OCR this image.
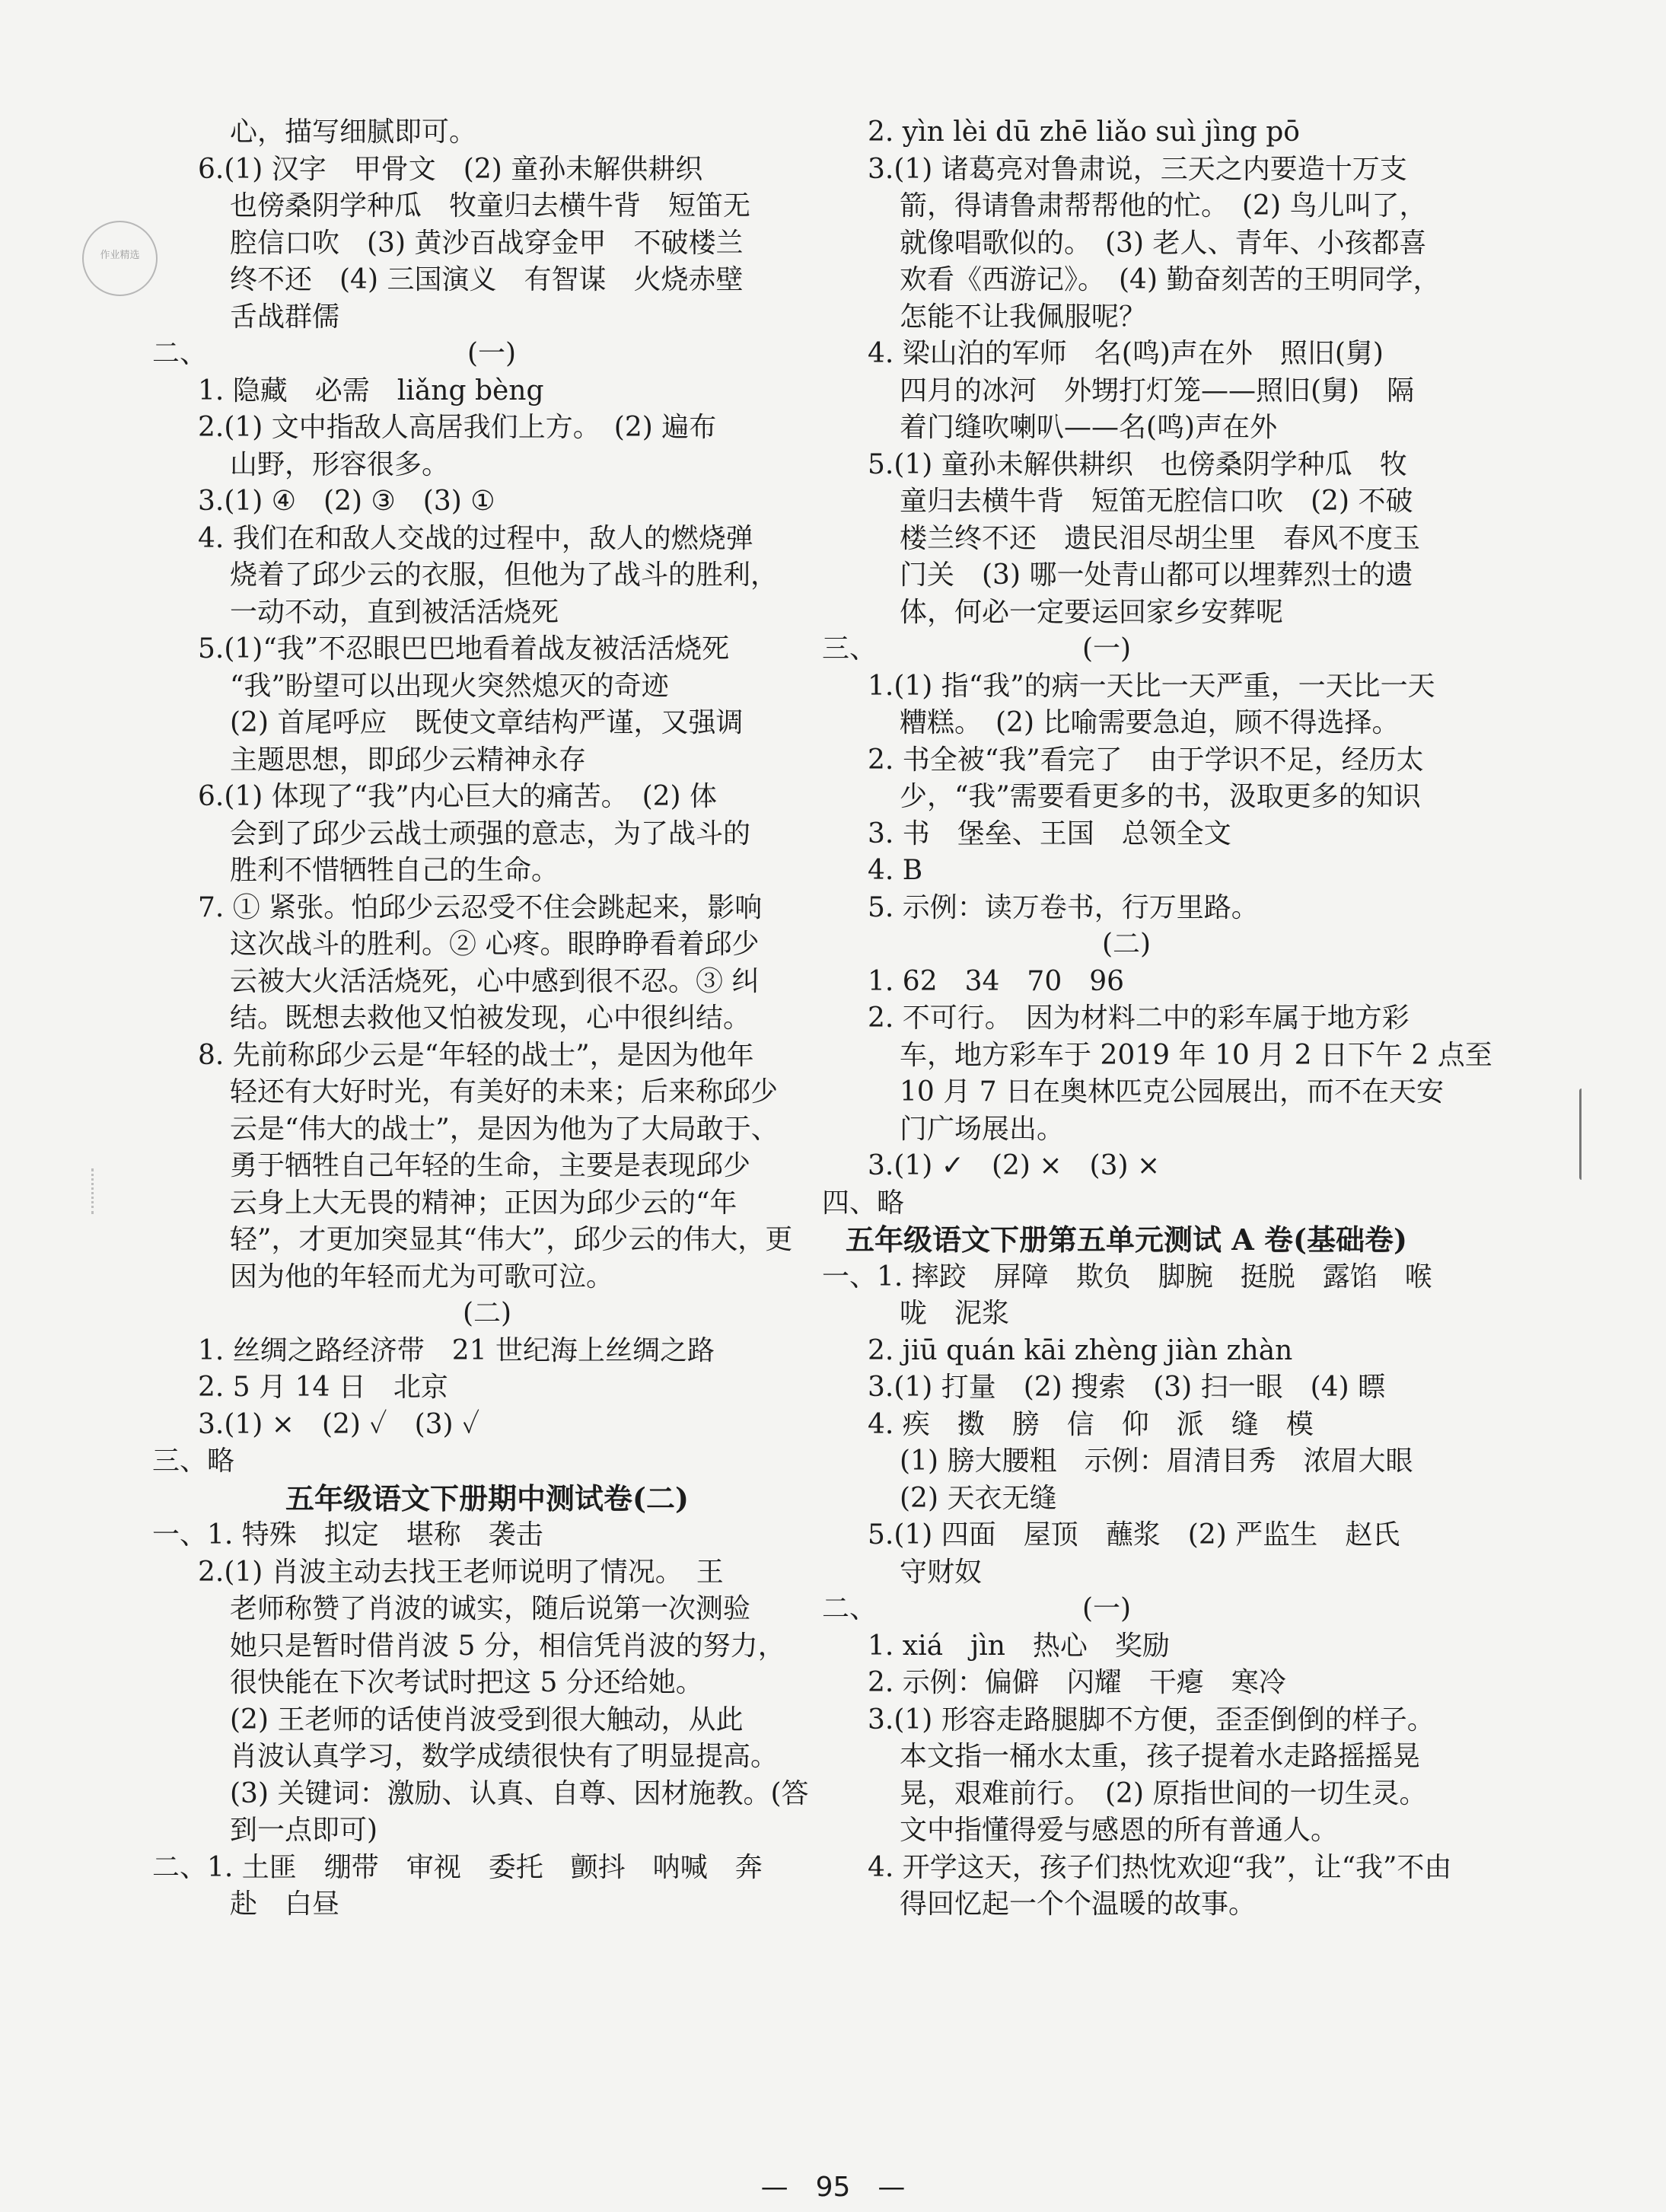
作业精选
心，描写细腻即可。
6.(1) 汉字　甲骨文　(2) 童孙未解供耕织
也傍桑阴学种瓜　牧童归去横牛背　短笛无
腔信口吹　(3) 黄沙百战穿金甲　不破楼兰
终不还　(4) 三国演义　有智谋　火烧赤壁
舌战群儒
二、　　　　　　　　　　(一)
1. 隐藏　必需　liǎng bèng
2.(1) 文中指敌人高居我们上方。　(2) 遍布
山野，形容很多。
3.(1) ④　(2) ③　(3) ①
4. 我们在和敌人交战的过程中，敌人的燃烧弹
烧着了邱少云的衣服，但他为了战斗的胜利，
一动不动，直到被活活烧死
5.(1)“我”不忍眼巴巴地看着战友被活活烧死
“我”盼望可以出现火突然熄灭的奇迹
(2) 首尾呼应　既使文章结构严谨，又强调
主题思想，即邱少云精神永存
6.(1) 体现了“我”内心巨大的痛苦。　(2) 体
会到了邱少云战士顽强的意志，为了战斗的
胜利不惜牺牲自己的生命。
7. ① 紧张。怕邱少云忍受不住会跳起来，影响
这次战斗的胜利。② 心疼。眼睁睁看着邱少
云被大火活活烧死，心中感到很不忍。③ 纠
结。既想去救他又怕被发现，心中很纠结。
8. 先前称邱少云是“年轻的战士”，是因为他年
轻还有大好时光，有美好的未来；后来称邱少
云是“伟大的战士”，是因为他为了大局敢于、
勇于牺牲自己年轻的生命，主要是表现邱少
云身上大无畏的精神；正因为邱少云的“年
轻”，才更加突显其“伟大”，邱少云的伟大，更
因为他的年轻而尤为可歌可泣。
(二)
1. 丝绸之路经济带　21 世纪海上丝绸之路
2. 5 月 14 日　北京
3.(1) ×　(2) ✓　(3) ✓
三、略
五年级语文下册期中测试卷(二)
一、1. 特殊　拟定　堪称　袭击
2.(1) 肖波主动去找王老师说明了情况。　王
老师称赞了肖波的诚实，随后说第一次测验
她只是暂时借肖波 5 分，相信凭肖波的努力，
很快能在下次考试时把这 5 分还给她。
(2) 王老师的话使肖波受到很大触动，从此
肖波认真学习，数学成绩很快有了明显提高。
(3) 关键词：激励、认真、自尊、因材施教。(答
到一点即可)
二、1. 土匪　绷带　审视　委托　颤抖　呐喊　奔
赴　白昼
2. yìn lèi dū zhē liǎo suì jìng pō
3.(1) 诸葛亮对鲁肃说，三天之内要造十万支
箭，得请鲁肃帮帮他的忙。　(2) 鸟儿叫了，
就像唱歌似的。　(3) 老人、青年、小孩都喜
欢看《西游记》。　(4) 勤奋刻苦的王明同学，
怎能不让我佩服呢？
4. 梁山泊的军师　名(鸣)声在外　照旧(舅)
四月的冰河　外甥打灯笼——照旧(舅)　隔
着门缝吹喇叭——名(鸣)声在外
5.(1) 童孙未解供耕织　也傍桑阴学种瓜　牧
童归去横牛背　短笛无腔信口吹　(2) 不破
楼兰终不还　遗民泪尽胡尘里　春风不度玉
门关　(3) 哪一处青山都可以埋葬烈士的遗
体，何必一定要运回家乡安葬呢
三、　　　　　　　　(一)
1.(1) 指“我”的病一天比一天严重，一天比一天
糟糕。　(2) 比喻需要急迫，顾不得选择。
2. 书全被“我”看完了　由于学识不足，经历太
少，“我”需要看更多的书，汲取更多的知识
3. 书　堡垒、王国　总领全文
4. B
5. 示例：读万卷书，行万里路。
(二)
1. 62　34　70　96
2. 不可行。　因为材料二中的彩车属于地方彩
车，地方彩车于 2019 年 10 月 2 日下午 2 点至
10 月 7 日在奥林匹克公园展出，而不在天安
门广场展出。
3.(1) ✓　(2) ×　(3) ×
四、略
五年级语文下册第五单元测试 A 卷(基础卷)
一、1. 摔跤　屏障　欺负　脚腕　挺脱　露馅　喉
咙　泥浆
2. jiū quán kāi zhèng jiàn zhàn
3.(1) 打量　(2) 搜索　(3) 扫一眼　(4) 瞟
4. 疾　擞　膀　信　仰　派　缝　模
(1) 膀大腰粗　示例：眉清目秀　浓眉大眼
(2) 天衣无缝
5.(1) 四面　屋顶　蘸浆　(2) 严监生　赵氏
守财奴
二、　　　　　　　　(一)
1. xiá　jìn　热心　奖励
2. 示例：偏僻　闪耀　干瘪　寒冷
3.(1) 形容走路腿脚不方便，歪歪倒倒的样子。
本文指一桶水太重，孩子提着水走路摇摇晃
晃，艰难前行。　(2) 原指世间的一切生灵。
文中指懂得爱与感恩的所有普通人。
4. 开学这天，孩子们热忱欢迎“我”，让“我”不由
得回忆起一个个温暖的故事。
—　95　—
